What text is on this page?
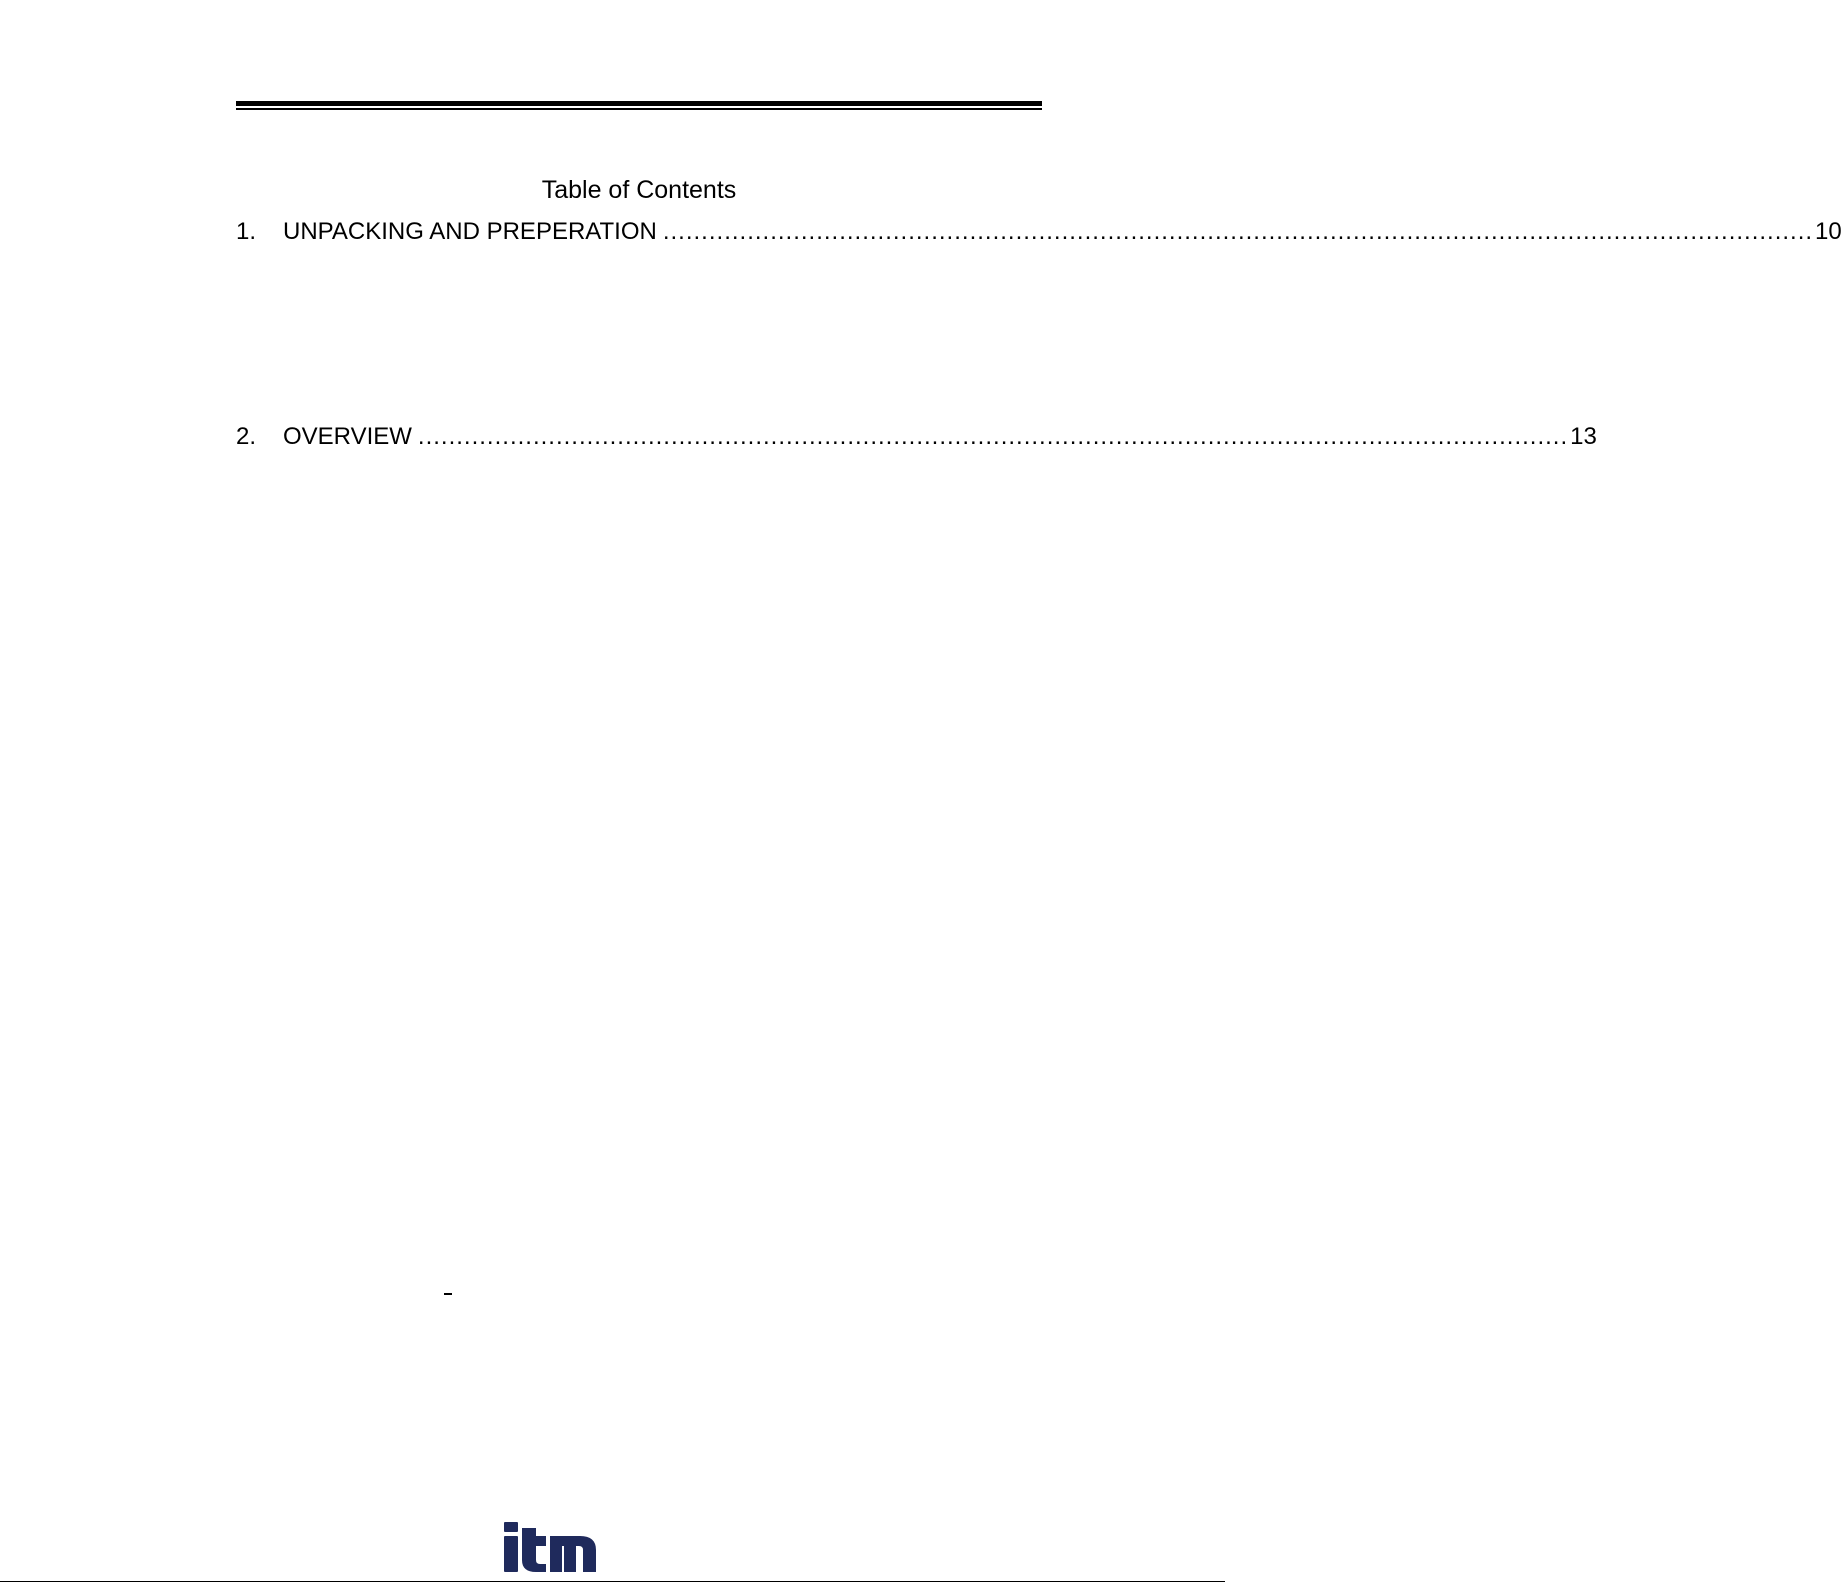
Table of Contents
1.	UNPACKING AND PREPERATION ...................................................................................................................................................... 10
2.	OVERVIEW ...................................................................................................................................................... 13
